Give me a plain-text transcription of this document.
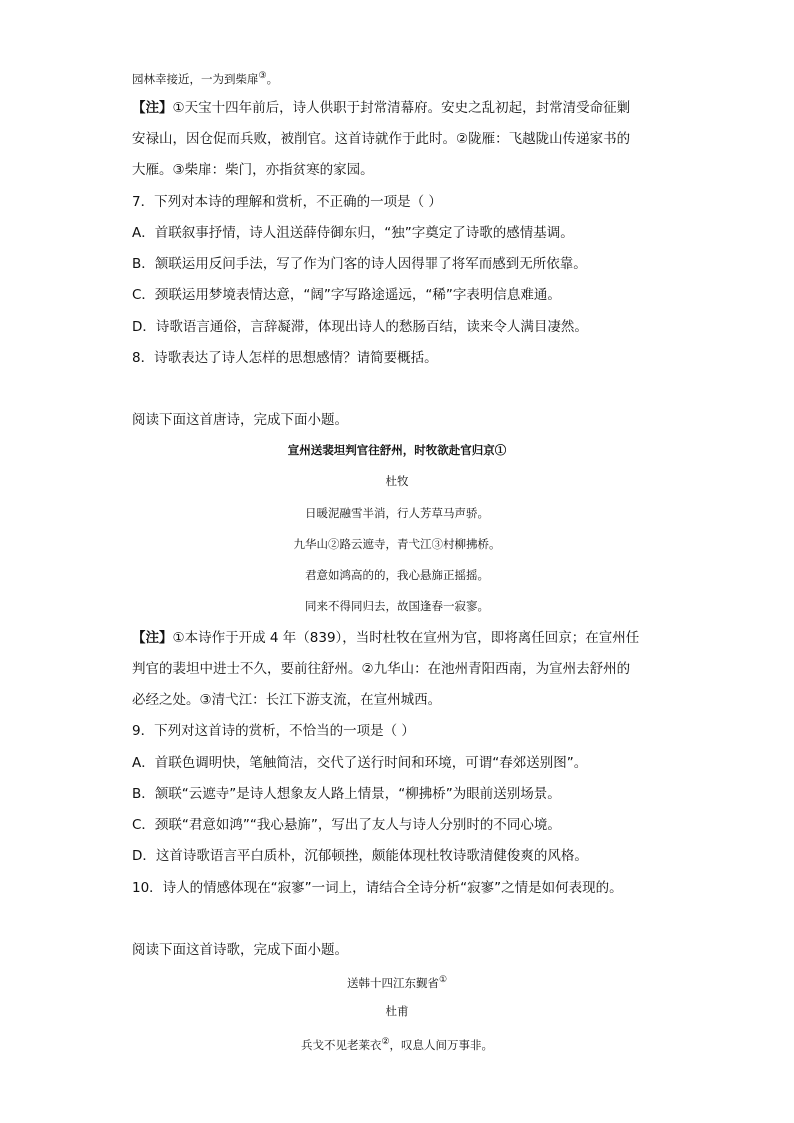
园林幸接近，一为到柴扉③。
【注】①天宝十四年前后，诗人供职于封常清幕府。安史之乱初起，封常清受命征剿
安禄山，因仓促而兵败，被削官。这首诗就作于此时。②陇雁：飞越陇山传递家书的
大雁。③柴扉：柴门，亦指贫寒的家园。
7．下列对本诗的理解和赏析，不正确的一项是（ ）
A．首联叙事抒情，诗人沮送薛侍御东归，“独”字奠定了诗歌的感情基调。
B．颔联运用反问手法，写了作为门客的诗人因得罪了将军而感到无所依靠。
C．颈联运用梦境表情达意，“阔”字写路途遥远，“稀”字表明信息难通。
D．诗歌语言通俗，言辞凝滞，体现出诗人的愁肠百结，读来令人满目凄然。
8．诗歌表达了诗人怎样的思想感情？请简要概括。
阅读下面这首唐诗，完成下面小题。
宣州送裴坦判官往舒州，时牧欲赴官归京①
杜牧
日暖泥融雪半消，行人芳草马声骄。
九华山②路云遮寺，青弋江③村柳拂桥。
君意如鸿高的的，我心悬旆正摇摇。
同来不得同归去，故国逢春一寂寥。
【注】①本诗作于开成 4 年（839），当时杜牧在宣州为官，即将离任回京；在宣州任
判官的裴坦中进士不久，要前往舒州。②九华山：在池州青阳西南，为宣州去舒州的
必经之处。③清弋江：长江下游支流，在宣州城西。
9．下列对这首诗的赏析，不恰当的一项是（ ）
A．首联色调明快，笔触简洁，交代了送行时间和环境，可谓“春郊送别图”。
B．颔联“云遮寺”是诗人想象友人路上情景，“柳拂桥”为眼前送别场景。
C．颈联“君意如鸿”“我心悬旆”，写出了友人与诗人分别时的不同心境。
D．这首诗歌语言平白质朴，沉郁顿挫，颇能体现杜牧诗歌清健俊爽的风格。
10．诗人的情感体现在“寂寥”一词上，请结合全诗分析“寂寥”之情是如何表现的。
阅读下面这首诗歌，完成下面小题。
送韩十四江东觐省①
杜甫
兵戈不见老莱衣②，叹息人间万事非。
